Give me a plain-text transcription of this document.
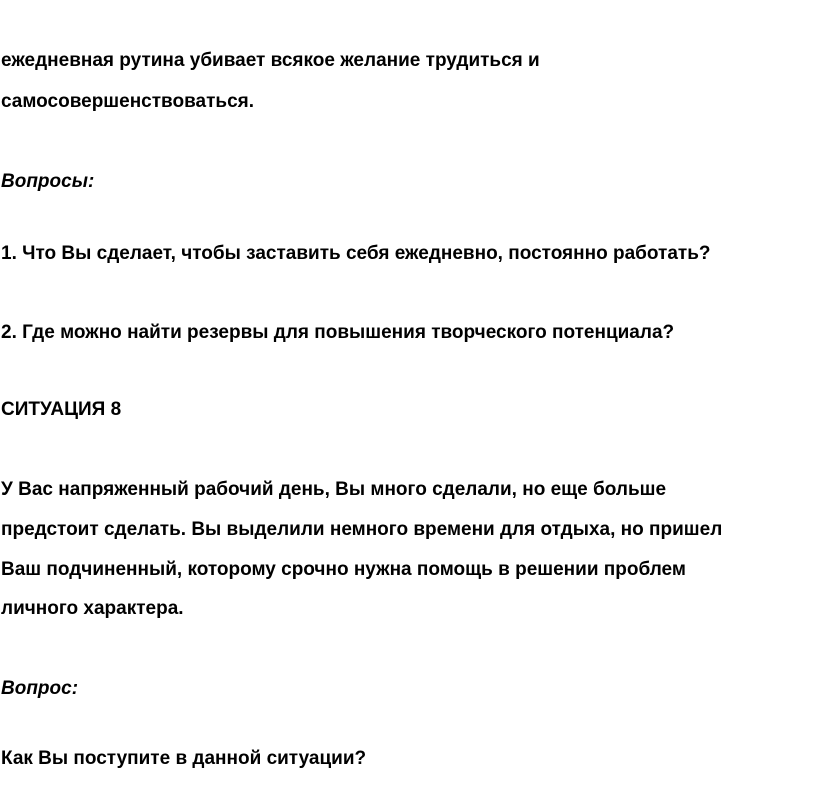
ежедневная рутина убивает всякое желание трудиться и
самосовершенствоваться.
Вопросы:
1. Что Вы сделает, чтобы заставить себя ежедневно, постоянно работать?
2. Где можно найти резервы для повышения творческого потенциала?
СИТУАЦИЯ 8
У Вас напряженный рабочий день, Вы много сделали, но еще больше
предстоит сделать. Вы выделили немного времени для отдыха, но пришел
Ваш подчиненный, которому срочно нужна помощь в решении проблем
личного характера.
Вопрос:
Как Вы поступите в данной ситуации?
